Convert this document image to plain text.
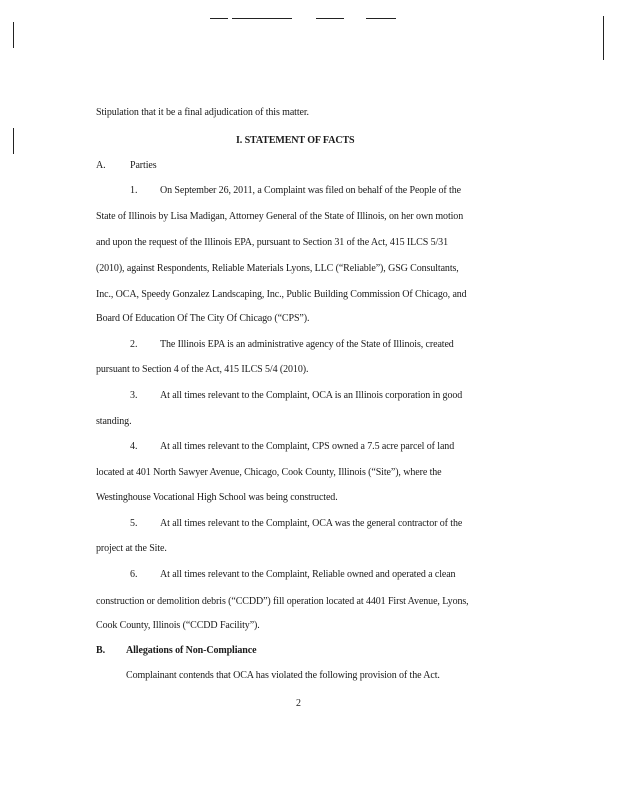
Stipulation that it be a final adjudication of this matter.
I. STATEMENT OF FACTS
A. Parties
1. On September 26, 2011, a Complaint was filed on behalf of the People of the
State of Illinois by Lisa Madigan, Attorney General of the State of Illinois, on her own motion
and upon the request of the Illinois EPA, pursuant to Section 31 of the Act, 415 ILCS 5/31
(2010), against Respondents, Reliable Materials Lyons, LLC (“Reliable”), GSG Consultants,
Inc., OCA, Speedy Gonzalez Landscaping, Inc., Public Building Commission Of Chicago, and
Board Of Education Of The City Of Chicago (“CPS”).
2. The Illinois EPA is an administrative agency of the State of Illinois, created
pursuant to Section 4 of the Act, 415 ILCS 5/4 (2010).
3. At all times relevant to the Complaint, OCA is an Illinois corporation in good
standing.
4. At all times relevant to the Complaint, CPS owned a 7.5 acre parcel of land
located at 401 North Sawyer Avenue, Chicago, Cook County, Illinois (“Site”), where the
Westinghouse Vocational High School was being constructed.
5. At all times relevant to the Complaint, OCA was the general contractor of the
project at the Site.
6. At all times relevant to the Complaint, Reliable owned and operated a clean
construction or demolition debris (“CCDD”) fill operation located at 4401 First Avenue, Lyons,
Cook County, Illinois (“CCDD Facility”).
B. Allegations of Non-Compliance
Complainant contends that OCA has violated the following provision of the Act.
2
